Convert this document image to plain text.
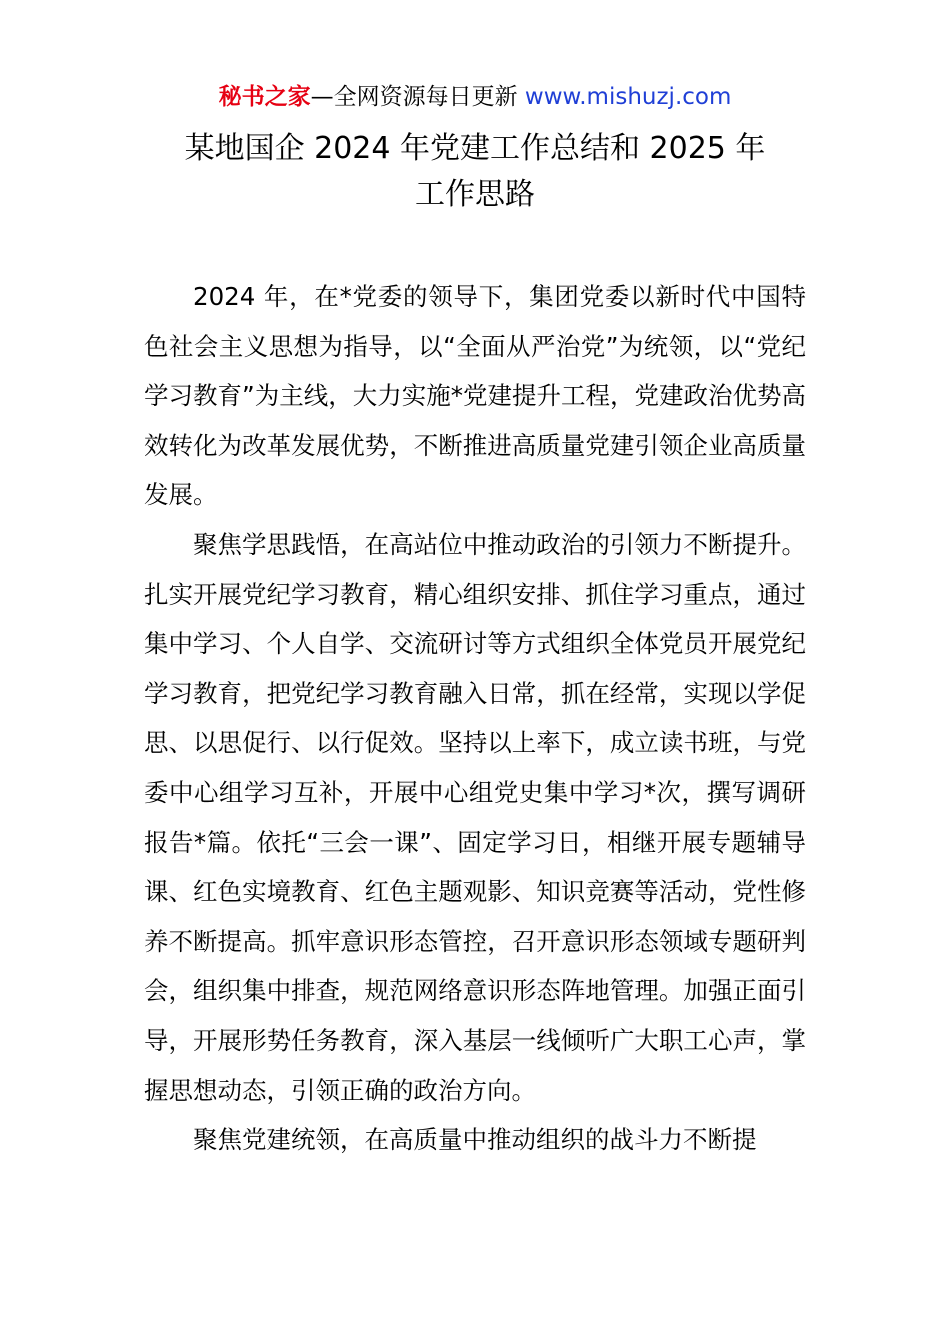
秘书之家—全网资源每日更新 www.mishuzj.com
某地国企 2024 年党建工作总结和 2025 年
工作思路

2024 年，在*党委的领导下，集团党委以新时代中国特色社会主义思想为指导，以“全面从严治党”为统领，以“党纪学习教育”为主线，大力实施*党建提升工程，党建政治优势高效转化为改革发展优势，不断推进高质量党建引领企业高质量发展。

聚焦学思践悟，在高站位中推动政治的引领力不断提升。扎实开展党纪学习教育，精心组织安排、抓住学习重点，通过集中学习、个人自学、交流研讨等方式组织全体党员开展党纪学习教育，把党纪学习教育融入日常，抓在经常，实现以学促思、以思促行、以行促效。坚持以上率下，成立读书班，与党委中心组学习互补，开展中心组党史集中学习*次，撰写调研报告*篇。依托“三会一课”、固定学习日，相继开展专题辅导课、红色实境教育、红色主题观影、知识竞赛等活动，党性修养不断提高。抓牢意识形态管控，召开意识形态领域专题研判会，组织集中排查，规范网络意识形态阵地管理。加强正面引导，开展形势任务教育，深入基层一线倾听广大职工心声，掌握思想动态，引领正确的政治方向。

聚焦党建统领，在高质量中推动组织的战斗力不断提
